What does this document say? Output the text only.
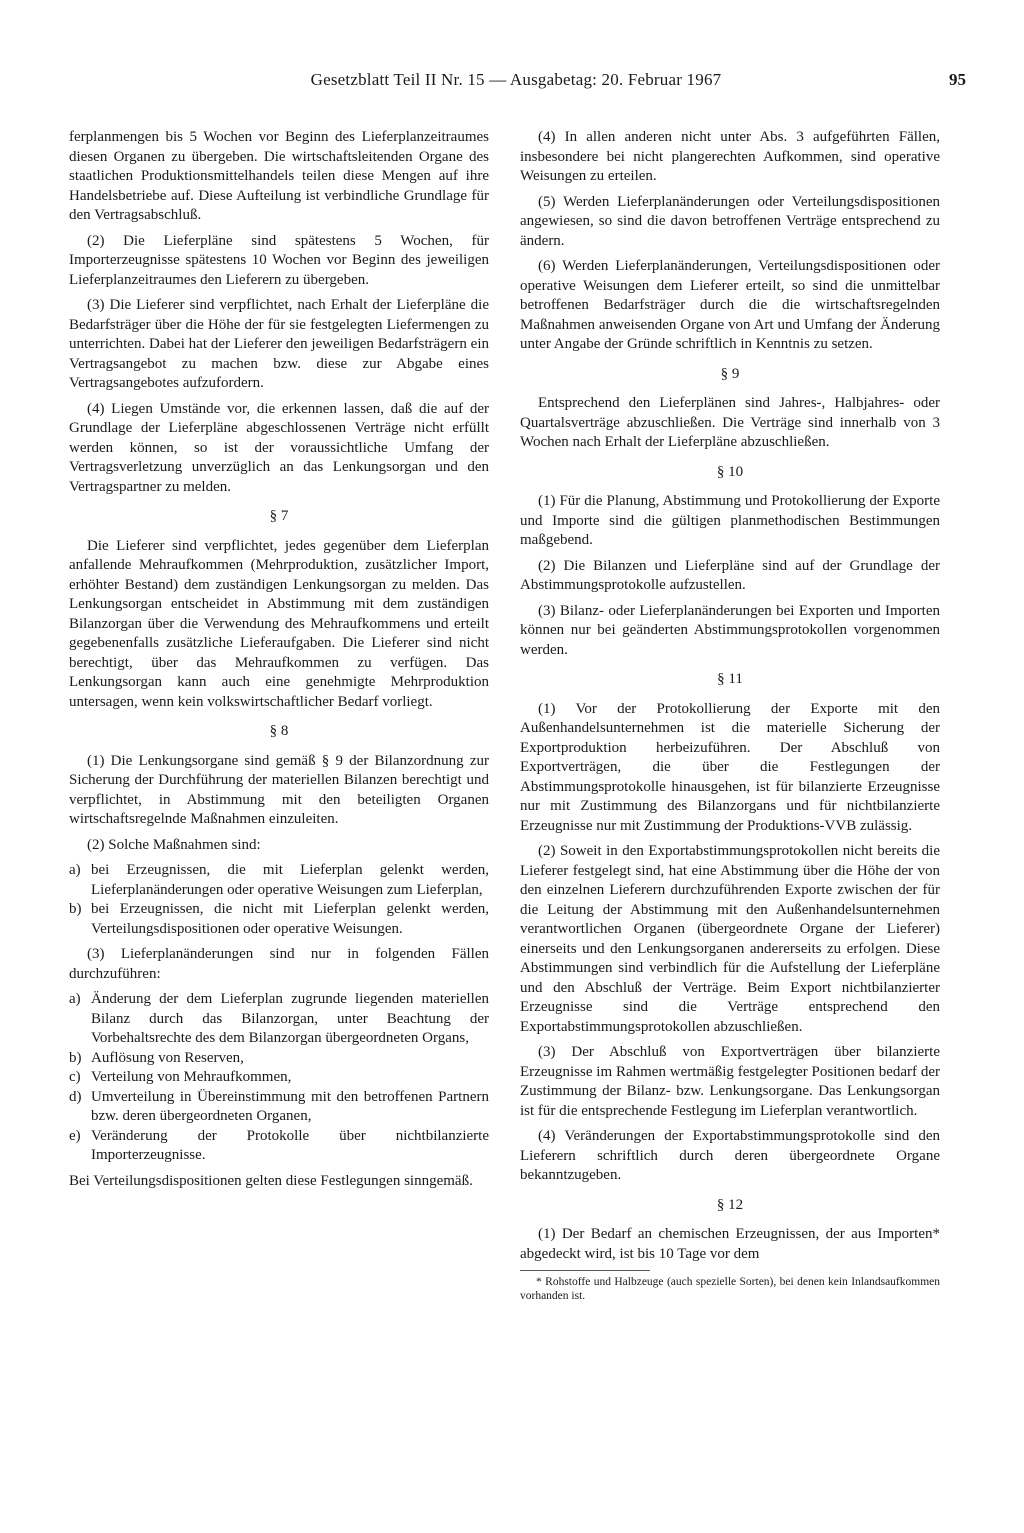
Gesetzblatt Teil II Nr. 15 — Ausgabetag: 20. Februar 1967	95

ferplanmengen bis 5 Wochen vor Beginn des Lieferplanzeitraumes diesen Organen zu übergeben. Die wirtschaftsleitenden Organe des staatlichen Produktionsmittelhandels teilen diese Mengen auf ihre Handelsbetriebe auf. Diese Aufteilung ist verbindliche Grundlage für den Vertragsabschluß.

(2) Die Lieferpläne sind spätestens 5 Wochen, für Importerzeugnisse spätestens 10 Wochen vor Beginn des jeweiligen Lieferplanzeitraumes den Lieferern zu übergeben.

(3) Die Lieferer sind verpflichtet, nach Erhalt der Lieferpläne die Bedarfsträger über die Höhe der für sie festgelegten Liefermengen zu unterrichten. Dabei hat der Lieferer den jeweiligen Bedarfsträgern ein Vertragsangebot zu machen bzw. diese zur Abgabe eines Vertragsangebotes aufzufordern.

(4) Liegen Umstände vor, die erkennen lassen, daß die auf der Grundlage der Lieferpläne abgeschlossenen Verträge nicht erfüllt werden können, so ist der voraussichtliche Umfang der Vertragsverletzung unverzüglich an das Lenkungsorgan und den Vertragspartner zu melden.

§ 7

Die Lieferer sind verpflichtet, jedes gegenüber dem Lieferplan anfallende Mehraufkommen (Mehrproduktion, zusätzlicher Import, erhöhter Bestand) dem zuständigen Lenkungsorgan zu melden. Das Lenkungsorgan entscheidet in Abstimmung mit dem zuständigen Bilanzorgan über die Verwendung des Mehraufkommens und erteilt gegebenenfalls zusätzliche Lieferaufgaben. Die Lieferer sind nicht berechtigt, über das Mehraufkommen zu verfügen. Das Lenkungsorgan kann auch eine genehmigte Mehrproduktion untersagen, wenn kein volkswirtschaftlicher Bedarf vorliegt.

§ 8

(1) Die Lenkungsorgane sind gemäß § 9 der Bilanzordnung zur Sicherung der Durchführung der materiellen Bilanzen berechtigt und verpflichtet, in Abstimmung mit den beteiligten Organen wirtschaftsregelnde Maßnahmen einzuleiten.

(2) Solche Maßnahmen sind:

a) bei Erzeugnissen, die mit Lieferplan gelenkt werden, Lieferplanänderungen oder operative Weisungen zum Lieferplan,
b) bei Erzeugnissen, die nicht mit Lieferplan gelenkt werden, Verteilungsdispositionen oder operative Weisungen.

(3) Lieferplanänderungen sind nur in folgenden Fällen durchzuführen:

a) Änderung der dem Lieferplan zugrunde liegenden materiellen Bilanz durch das Bilanzorgan, unter Beachtung der Vorbehaltsrechte des dem Bilanzorgan übergeordneten Organs,
b) Auflösung von Reserven,
c) Verteilung von Mehraufkommen,
d) Umverteilung in Übereinstimmung mit den betroffenen Partnern bzw. deren übergeordneten Organen,
e) Veränderung der Protokolle über nichtbilanzierte Importerzeugnisse.

Bei Verteilungsdispositionen gelten diese Festlegungen sinngemäß.

(4) In allen anderen nicht unter Abs. 3 aufgeführten Fällen, insbesondere bei nicht plangerechten Aufkommen, sind operative Weisungen zu erteilen.

(5) Werden Lieferplanänderungen oder Verteilungsdispositionen angewiesen, so sind die davon betroffenen Verträge entsprechend zu ändern.

(6) Werden Lieferplanänderungen, Verteilungsdispositionen oder operative Weisungen dem Lieferer erteilt, so sind die unmittelbar betroffenen Bedarfsträger durch die die wirtschaftsregelnden Maßnahmen anweisenden Organe von Art und Umfang der Änderung unter Angabe der Gründe schriftlich in Kenntnis zu setzen.

§ 9

Entsprechend den Lieferplänen sind Jahres-, Halbjahres- oder Quartalsverträge abzuschließen. Die Verträge sind innerhalb von 3 Wochen nach Erhalt der Lieferpläne abzuschließen.

§ 10

(1) Für die Planung, Abstimmung und Protokollierung der Exporte und Importe sind die gültigen planmethodischen Bestimmungen maßgebend.

(2) Die Bilanzen und Lieferpläne sind auf der Grundlage der Abstimmungsprotokolle aufzustellen.

(3) Bilanz- oder Lieferplanänderungen bei Exporten und Importen können nur bei geänderten Abstimmungsprotokollen vorgenommen werden.

§ 11

(1) Vor der Protokollierung der Exporte mit den Außenhandelsunternehmen ist die materielle Sicherung der Exportproduktion herbeizuführen. Der Abschluß von Exportverträgen, die über die Festlegungen der Abstimmungsprotokolle hinausgehen, ist für bilanzierte Erzeugnisse nur mit Zustimmung des Bilanzorgans und für nichtbilanzierte Erzeugnisse nur mit Zustimmung der Produktions-VVB zulässig.

(2) Soweit in den Exportabstimmungsprotokollen nicht bereits die Lieferer festgelegt sind, hat eine Abstimmung über die Höhe der von den einzelnen Lieferern durchzuführenden Exporte zwischen der für die Leitung der Abstimmung mit den Außenhandelsunternehmen verantwortlichen Organen (übergeordnete Organe der Lieferer) einerseits und den Lenkungsorganen andererseits zu erfolgen. Diese Abstimmungen sind verbindlich für die Aufstellung der Lieferpläne und den Abschluß der Verträge. Beim Export nichtbilanzierter Erzeugnisse sind die Verträge entsprechend den Exportabstimmungsprotokollen abzuschließen.

(3) Der Abschluß von Exportverträgen über bilanzierte Erzeugnisse im Rahmen wertmäßig festgelegter Positionen bedarf der Zustimmung der Bilanz- bzw. Lenkungsorgane. Das Lenkungsorgan ist für die entsprechende Festlegung im Lieferplan verantwortlich.

(4) Veränderungen der Exportabstimmungsprotokolle sind den Lieferern schriftlich durch deren übergeordnete Organe bekanntzugeben.

§ 12

(1) Der Bedarf an chemischen Erzeugnissen, der aus Importen* abgedeckt wird, ist bis 10 Tage vor dem

* Rohstoffe und Halbzeuge (auch spezielle Sorten), bei denen kein Inlandsaufkommen vorhanden ist.
